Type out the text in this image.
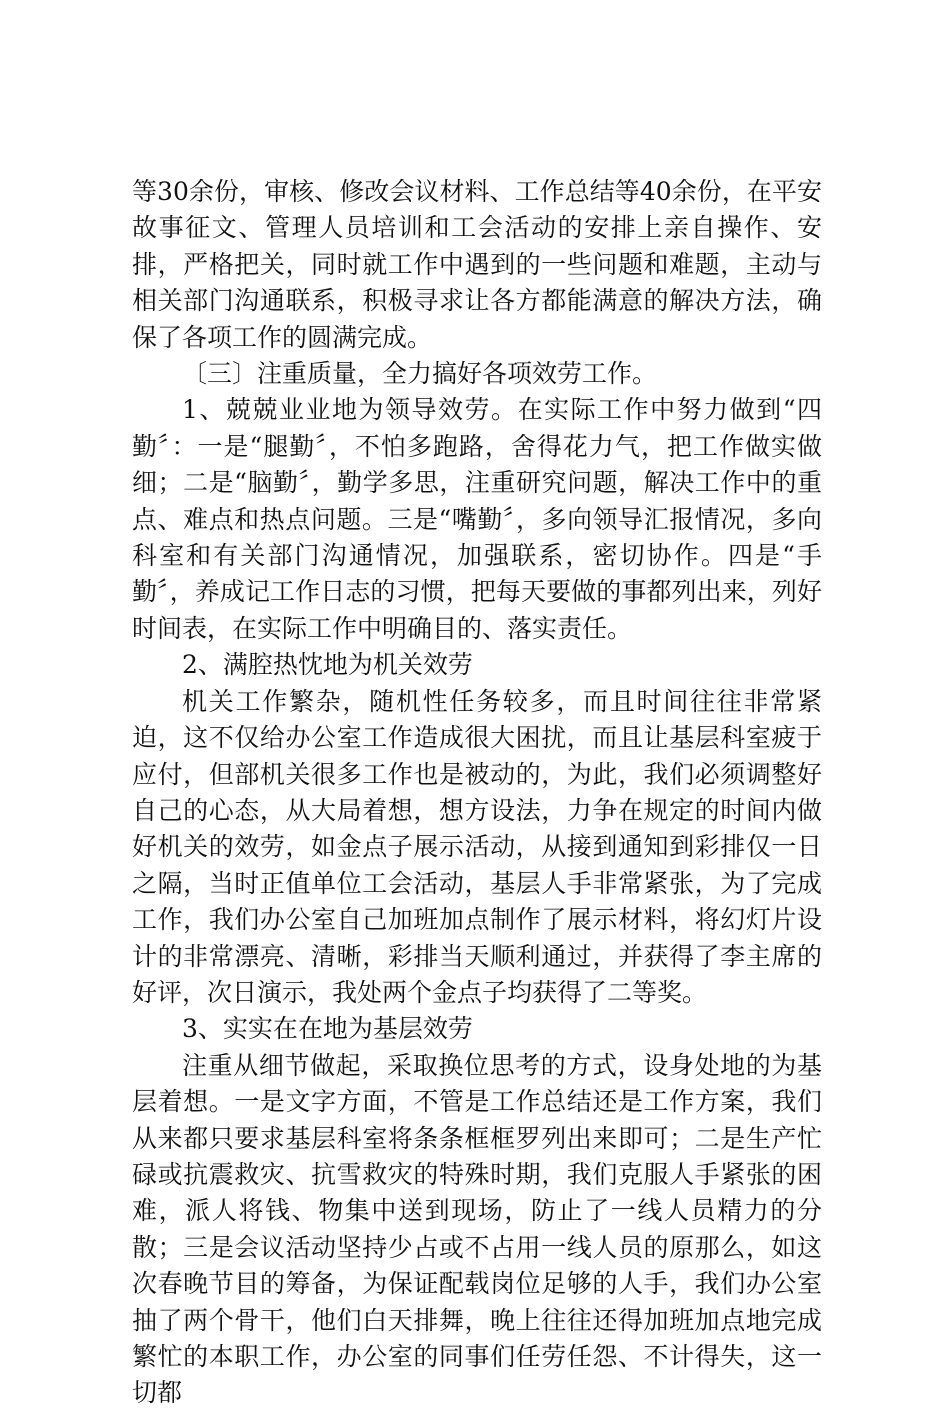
等30余份，审核、修改会议材料、工作总结等40余份，在平安故事征文、管理人员培训和工会活动的安排上亲自操作、安排，严格把关，同时就工作中遇到的一些问题和难题，主动与相关部门沟通联系，积极寻求让各方都能满意的解决方法，确保了各项工作的圆满完成。

〔三〕注重质量，全力搞好各项效劳工作。

1、兢兢业业地为领导效劳。在实际工作中努力做到“四勤〞：一是“腿勤〞，不怕多跑路，舍得花力气，把工作做实做细；二是“脑勤〞，勤学多思，注重研究问题，解决工作中的重点、难点和热点问题。三是“嘴勤〞，多向领导汇报情况，多向科室和有关部门沟通情况，加强联系，密切协作。四是“手勤〞，养成记工作日志的习惯，把每天要做的事都列出来，列好时间表，在实际工作中明确目的、落实责任。

2、满腔热忱地为机关效劳

机关工作繁杂，随机性任务较多，而且时间往往非常紧迫，这不仅给办公室工作造成很大困扰，而且让基层科室疲于应付，但部机关很多工作也是被动的，为此，我们必须调整好自己的心态，从大局着想，想方设法，力争在规定的时间内做好机关的效劳，如金点子展示活动，从接到通知到彩排仅一日之隔，当时正值单位工会活动，基层人手非常紧张，为了完成工作，我们办公室自己加班加点制作了展示材料，将幻灯片设计的非常漂亮、清晰，彩排当天顺利通过，并获得了李主席的好评，次日演示，我处两个金点子均获得了二等奖。

3、实实在在地为基层效劳

注重从细节做起，采取换位思考的方式，设身处地的为基层着想。一是文字方面，不管是工作总结还是工作方案，我们从来都只要求基层科室将条条框框罗列出来即可；二是生产忙碌或抗震救灾、抗雪救灾的特殊时期，我们克服人手紧张的困难，派人将钱、物集中送到现场，防止了一线人员精力的分散；三是会议活动坚持少占或不占用一线人员的原那么，如这次春晚节目的筹备，为保证配载岗位足够的人手，我们办公室抽了两个骨干，他们白天排舞，晚上往往还得加班加点地完成繁忙的本职工作，办公室的同事们任劳任怨、不计得失，这一切都
